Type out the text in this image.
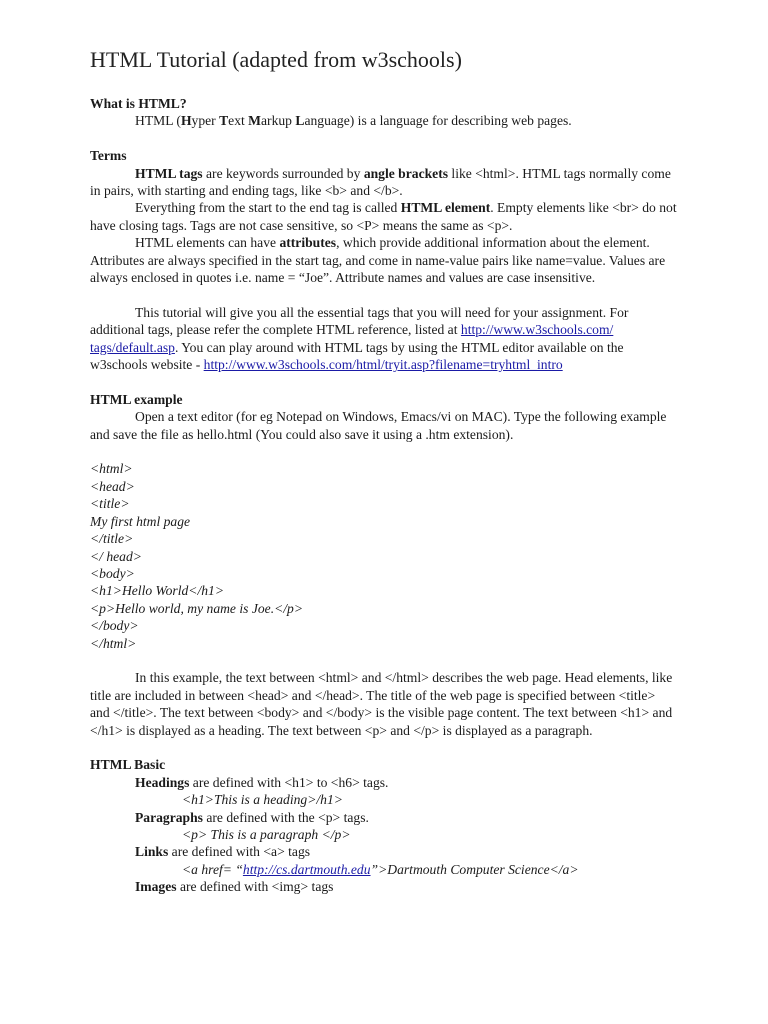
HTML Tutorial (adapted from w3schools)

What is HTML?

HTML (Hyper Text Markup Language) is a language for describing web pages.

Terms

HTML tags are keywords surrounded by angle brackets like <html>. HTML tags normally come in pairs, with starting and ending tags, like <b> and </b>.

Everything from the start to the end tag is called HTML element. Empty elements like <br> do not have closing tags. Tags are not case sensitive, so <P> means the same as <p>.

HTML elements can have attributes, which provide additional information about the element. Attributes are always specified in the start tag, and come in name-value pairs like name=value. Values are always enclosed in quotes i.e. name = “Joe”. Attribute names and values are case insensitive.

This tutorial will give you all the essential tags that you will need for your assignment. For additional tags, please refer the complete HTML reference, listed at http://www.w3schools.com/
tags/default.asp. You can play around with HTML tags by using the HTML editor available on the w3schools website - http://www.w3schools.com/html/tryit.asp?filename=tryhtml_intro

HTML example

Open a text editor (for eg Notepad on Windows, Emacs/vi on MAC). Type the following example and save the file as hello.html (You could also save it using a .htm extension).

<html>

<head>

<title>

My first html page

</title>

</ head>

<body>

<h1>Hello World</h1>

<p>Hello world, my name is Joe.</p>

</body>

</html>

In this example, the text between <html> and </html> describes the web page. Head elements, like title are included in between <head> and </head>. The title of the web page is specified between <title> and </title>. The text between <body> and </body> is the visible page content. The text between <h1> and </h1> is displayed as a heading. The text between <p> and </p> is displayed as a paragraph.

HTML Basic

Headings are defined with <h1> to <h6> tags.

<h1>This is a heading>/h1>

Paragraphs are defined with the <p> tags.

<p> This is a paragraph </p>

Links are defined with <a> tags

<a href= “http://cs.dartmouth.edu”>Dartmouth Computer Science</a>

Images are defined with <img> tags
